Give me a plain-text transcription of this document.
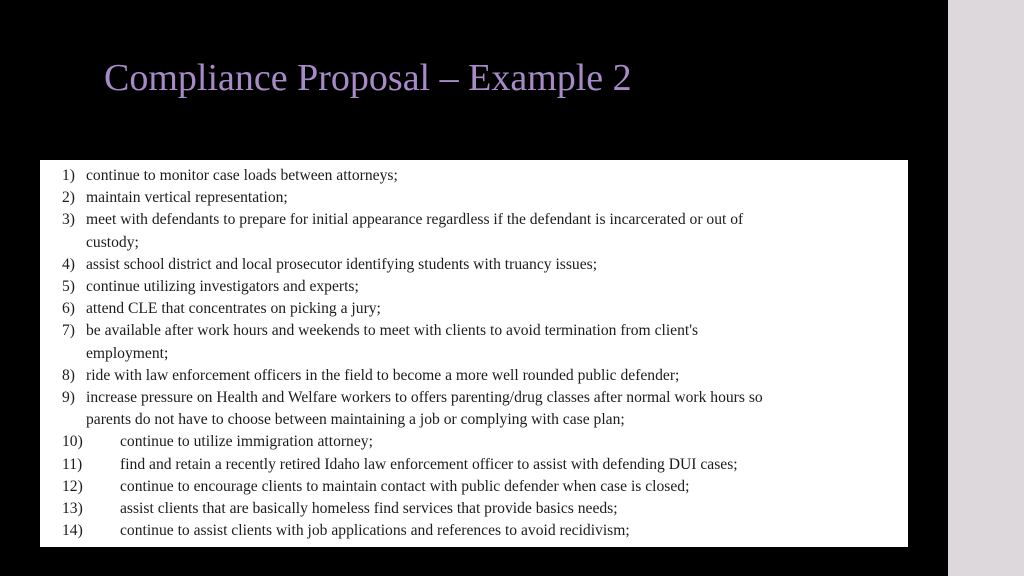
Compliance Proposal – Example 2
1) continue to monitor case loads between attorneys;
2) maintain vertical representation;
3) meet with defendants to prepare for initial appearance regardless if the defendant is incarcerated or out of
custody;
4) assist school district and local prosecutor identifying students with truancy issues;
5) continue utilizing investigators and experts;
6) attend CLE that concentrates on picking a jury;
7) be available after work hours and weekends to meet with clients to avoid termination from client's
employment;
8) ride with law enforcement officers in the field to become a more well rounded public defender;
9) increase pressure on Health and Welfare workers to offers parenting/drug classes after normal work hours so
parents do not have to choose between maintaining a job or complying with case plan;
10) continue to utilize immigration attorney;
11) find and retain a recently retired Idaho law enforcement officer to assist with defending DUI cases;
12) continue to encourage clients to maintain contact with public defender when case is closed;
13) assist clients that are basically homeless find services that provide basics needs;
14) continue to assist clients with job applications and references to avoid recidivism;
